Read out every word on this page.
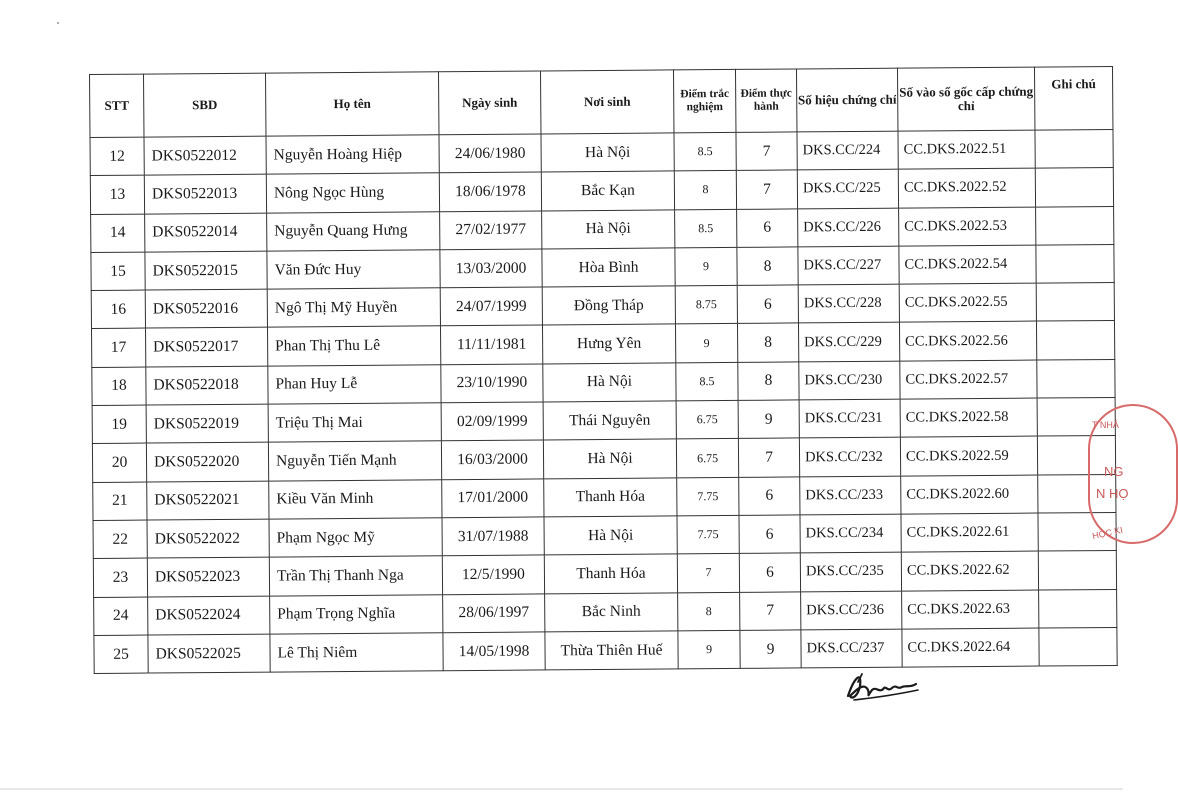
STT	SBD	Họ tên	Ngày sinh	Nơi sinh	Điểm trắc nghiệm	Điểm thực hành	Số hiệu chứng chỉ	Số vào sổ gốc cấp chứng chỉ	Ghi chú
12	DKS0522012	Nguyễn Hoàng Hiệp	24/06/1980	Hà Nội	8.5	7	DKS.CC/224	CC.DKS.2022.51	
13	DKS0522013	Nông Ngọc Hùng	18/06/1978	Bắc Kạn	8	7	DKS.CC/225	CC.DKS.2022.52	
14	DKS0522014	Nguyễn Quang Hưng	27/02/1977	Hà Nội	8.5	6	DKS.CC/226	CC.DKS.2022.53	
15	DKS0522015	Văn Đức Huy	13/03/2000	Hòa Bình	9	8	DKS.CC/227	CC.DKS.2022.54	
16	DKS0522016	Ngô Thị Mỹ Huyền	24/07/1999	Đồng Tháp	8.75	6	DKS.CC/228	CC.DKS.2022.55	
17	DKS0522017	Phan Thị Thu Lê	11/11/1981	Hưng Yên	9	8	DKS.CC/229	CC.DKS.2022.56	
18	DKS0522018	Phan Huy Lễ	23/10/1990	Hà Nội	8.5	8	DKS.CC/230	CC.DKS.2022.57	
19	DKS0522019	Triệu Thị Mai	02/09/1999	Thái Nguyên	6.75	9	DKS.CC/231	CC.DKS.2022.58	
20	DKS0522020	Nguyễn Tiến Mạnh	16/03/2000	Hà Nội	6.75	7	DKS.CC/232	CC.DKS.2022.59	
21	DKS0522021	Kiều Văn Minh	17/01/2000	Thanh Hóa	7.75	6	DKS.CC/233	CC.DKS.2022.60	
22	DKS0522022	Phạm Ngọc Mỹ	31/07/1988	Hà Nội	7.75	6	DKS.CC/234	CC.DKS.2022.61	
23	DKS0522023	Trần Thị Thanh Nga	12/5/1990	Thanh Hóa	7	6	DKS.CC/235	CC.DKS.2022.62	
24	DKS0522024	Phạm Trọng Nghĩa	28/06/1997	Bắc Ninh	8	7	DKS.CC/236	CC.DKS.2022.63	
25	DKS0522025	Lê Thị Niêm	14/05/1998	Thừa Thiên Huế	9	9	DKS.CC/237	CC.DKS.2022.64	
T NHÂ
NG
N HỌ
HỌC KI
